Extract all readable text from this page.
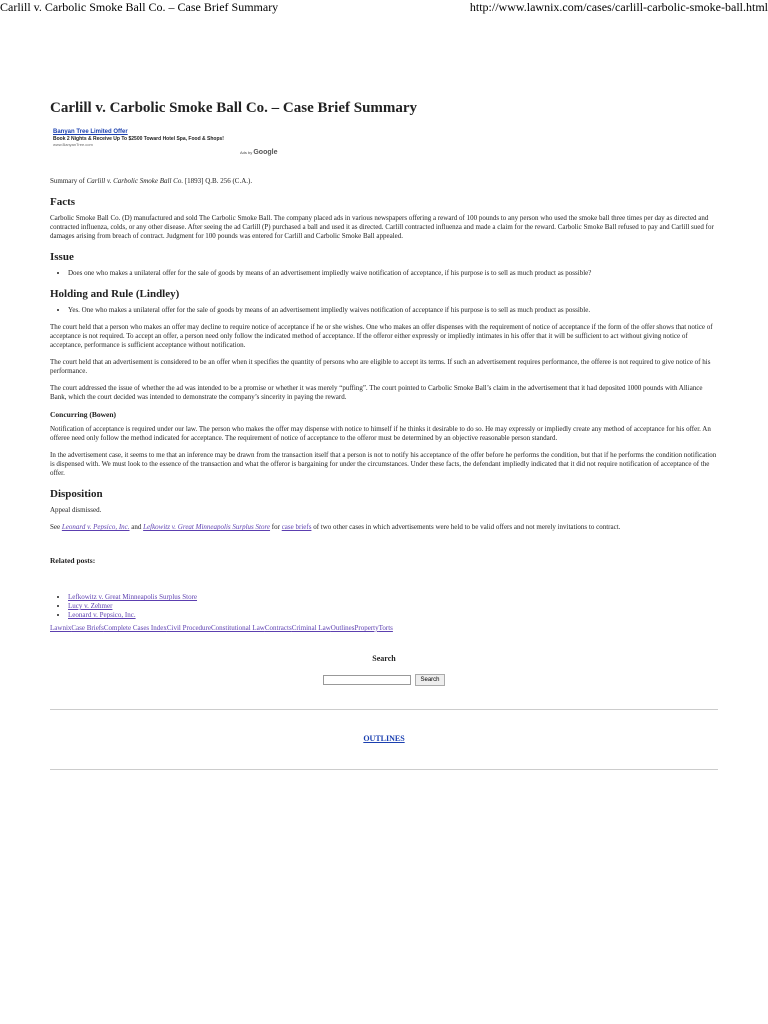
Carlill v. Carbolic Smoke Ball Co. – Case Brief Summary	http://www.lawnix.com/cases/carlill-carbolic-smoke-ball.html
Carlill v. Carbolic Smoke Ball Co. – Case Brief Summary
Banyan Tree Limited Offer
Book 2 Nights & Receive Up To $2500 Toward Hotel Spa, Food & Shops!
www.BanyanTree.com
Ads by Google

Summary of Carlill v. Carbolic Smoke Ball Co. [1893] Q.B. 256 (C.A.).

Facts

Carbolic Smoke Ball Co. (D) manufactured and sold The Carbolic Smoke Ball. The company placed ads in various newspapers offering a reward of 100 pounds to any person who used the smoke ball three times per day as directed and contracted influenza, colds, or any other disease. After seeing the ad Carlill (P) purchased a ball and used it as directed. Carlill contracted influenza and made a claim for the reward. Carbolic Smoke Ball refused to pay and Carlill sued for damages arising from breach of contract. Judgment for 100 pounds was entered for Carlill and Carbolic Smoke Ball appealed.

Issue
• Does one who makes a unilateral offer for the sale of goods by means of an advertisement impliedly waive notification of acceptance, if his purpose is to sell as much product as possible?
Holding and Rule (Lindley)
• Yes. One who makes a unilateral offer for the sale of goods by means of an advertisement impliedly waives notification of acceptance if his purpose is to sell as much product as possible.

The court held that a person who makes an offer may decline to require notice of acceptance if he or she wishes. One who makes an offer dispenses with the requirement of notice of acceptance if the form of the offer shows that notice of acceptance is not required. To accept an offer, a person need only follow the indicated method of acceptance. If the offeror either expressly or impliedly intimates in his offer that it will be sufficient to act without giving notice of acceptance, performance is sufficient acceptance without notification.

The court held that an advertisement is considered to be an offer when it specifies the quantity of persons who are eligible to accept its terms. If such an advertisement requires performance, the offeree is not required to give notice of his performance.

The court addressed the issue of whether the ad was intended to be a promise or whether it was merely “puffing”. The court pointed to Carbolic Smoke Ball’s claim in the advertisement that it had deposited 1000 pounds with Alliance Bank, which the court decided was intended to demonstrate the company’s sincerity in paying the reward.

Concurring (Bowen)

Notification of acceptance is required under our law. The person who makes the offer may dispense with notice to himself if he thinks it desirable to do so. He may expressly or impliedly create any method of acceptance for his offer. An offeree need only follow the method indicated for acceptance. The requirement of notice of acceptance to the offeror must be determined by an objective reasonable person standard.

In the advertisement case, it seems to me that an inference may be drawn from the transaction itself that a person is not to notify his acceptance of the offer before he performs the condition, but that if he performs the condition notification is dispensed with. We must look to the essence of the transaction and what the offeror is bargaining for under the circumstances. Under these facts, the defendant impliedly indicated that it did not require notification of acceptance of the offer.

Disposition

Appeal dismissed.

See Leonard v. Pepsico, Inc. and Lefkowitz v. Great Minneapolis Surplus Store for case briefs of two other cases in which advertisements were held to be valid offers and not merely invitations to contract.

Related posts:
• Lefkowitz v. Great Minneapolis Surplus Store
• Lucy v. Zehmer
• Leonard v. Pepsico, Inc.
LawnixCase BriefsComplete Cases IndexCivil ProcedureConstitutional LawContractsCriminal LawOutlinesPropertyTorts
Search
Search
OUTLINES
